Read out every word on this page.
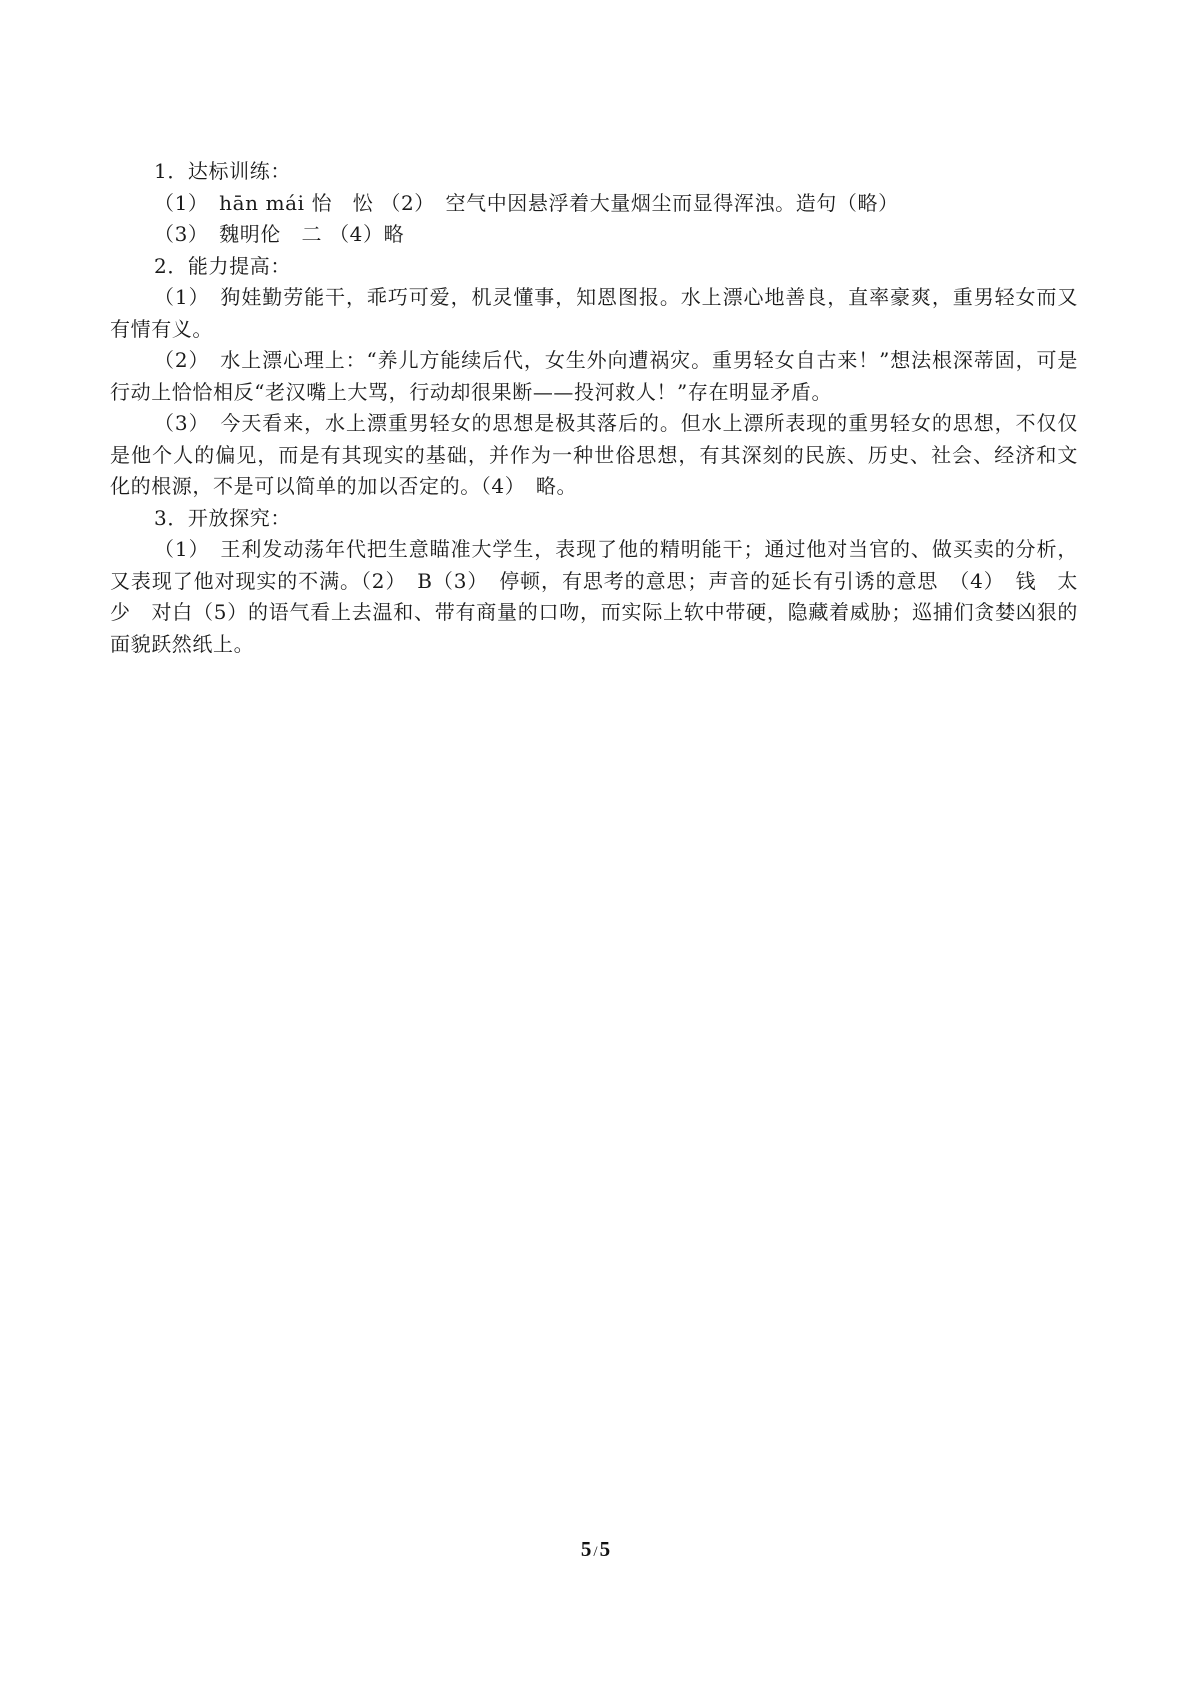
1．达标训练：

（1）　hān mái 怡　忪 （2）　空气中因悬浮着大量烟尘而显得浑浊。造句（略）

（3）　魏明伦　二 （4）略

2．能力提高：

（1）　狗娃勤劳能干，乖巧可爱，机灵懂事，知恩图报。水上漂心地善良，直率豪爽，重男轻女而又有情有义。

（2）　水上漂心理上：“养儿方能续后代，女生外向遭祸灾。重男轻女自古来！”想法根深蒂固，可是行动上恰恰相反“老汉嘴上大骂，行动却很果断——投河救人！”存在明显矛盾。

（3）　今天看来，水上漂重男轻女的思想是极其落后的。但水上漂所表现的重男轻女的思想，不仅仅是他个人的偏见，而是有其现实的基础，并作为一种世俗思想，有其深刻的民族、历史、社会、经济和文化的根源，不是可以简单的加以否定的。（4）　略。

3．开放探究：

（1）　王利发动荡年代把生意瞄准大学生，表现了他的精明能干；通过他对当官的、做买卖的分析，又表现了他对现实的不满。（2）　B（3）　停顿，有思考的意思；声音的延长有引诱的意思　（4）　钱　太少　对白（5）的语气看上去温和、带有商量的口吻，而实际上软中带硬，隐藏着威胁；巡捕们贪婪凶狠的面貌跃然纸上。

5 /5
